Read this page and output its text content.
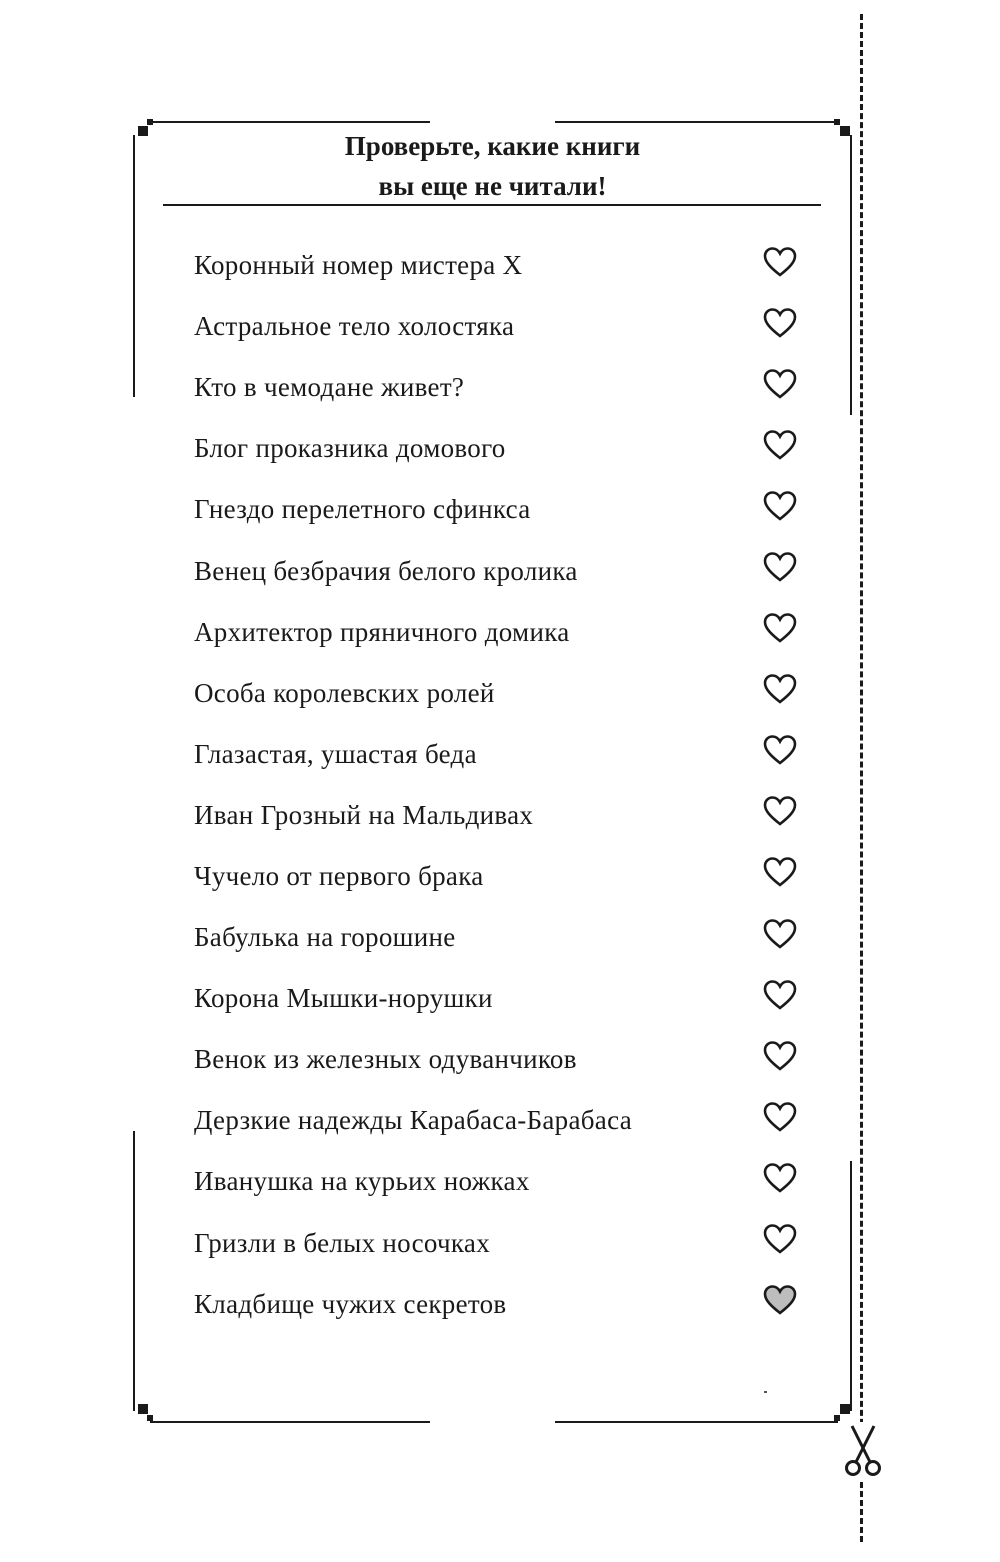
Проверьте, какие книги
вы еще не читали!
Коронный номер мистера Х
Астральное тело холостяка
Кто в чемодане живет?
Блог проказника домового
Гнездо перелетного сфинкса
Венец безбрачия белого кролика
Архитектор пряничного домика
Особа королевских ролей
Глазастая, ушастая беда
Иван Грозный на Мальдивах
Чучело от первого брака
Бабулька на горошине
Корона Мышки-норушки
Венок из железных одуванчиков
Дерзкие надежды Карабаса-Барабаса
Иванушка на курьих ножках
Гризли в белых носочках
Кладбище чужих секретов
